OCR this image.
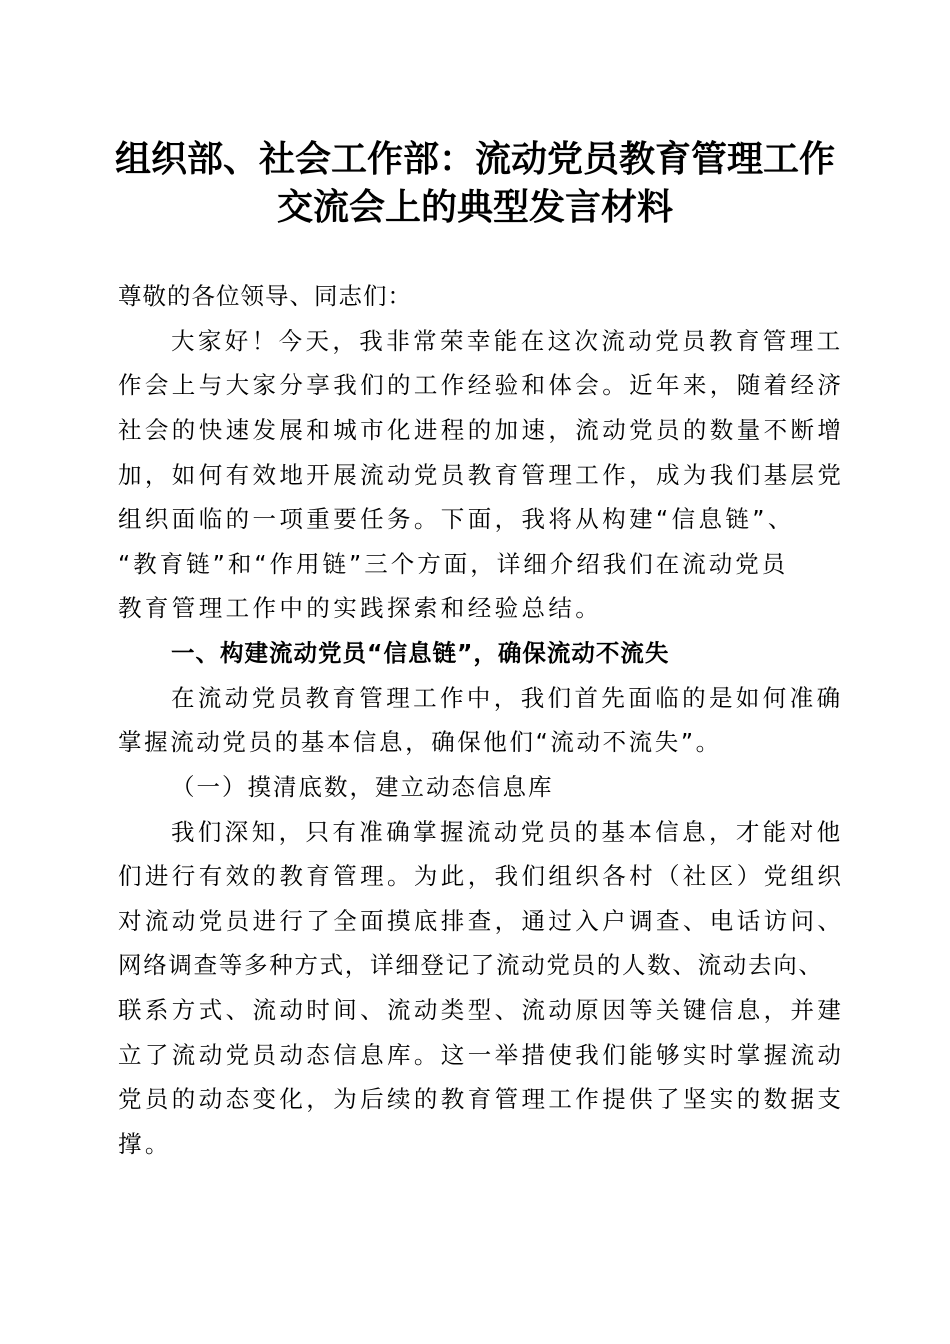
组织部、社会工作部：流动党员教育管理工作
交流会上的典型发言材料
尊敬的各位领导、同志们：
大家好！今天，我非常荣幸能在这次流动党员教育管理工
作会上与大家分享我们的工作经验和体会。近年来，随着经济
社会的快速发展和城市化进程的加速，流动党员的数量不断增
加，如何有效地开展流动党员教育管理工作，成为我们基层党
组织面临的一项重要任务。下面，我将从构建“信息链”、
“教育链”和“作用链”三个方面，详细介绍我们在流动党员
教育管理工作中的实践探索和经验总结。
一、构建流动党员“信息链”，确保流动不流失
在流动党员教育管理工作中，我们首先面临的是如何准确
掌握流动党员的基本信息，确保他们“流动不流失”。
（一）摸清底数，建立动态信息库
我们深知，只有准确掌握流动党员的基本信息，才能对他
们进行有效的教育管理。为此，我们组织各村（社区）党组织
对流动党员进行了全面摸底排查，通过入户调查、电话访问、
网络调查等多种方式，详细登记了流动党员的人数、流动去向、
联系方式、流动时间、流动类型、流动原因等关键信息，并建
立了流动党员动态信息库。这一举措使我们能够实时掌握流动
党员的动态变化，为后续的教育管理工作提供了坚实的数据支
撑。
